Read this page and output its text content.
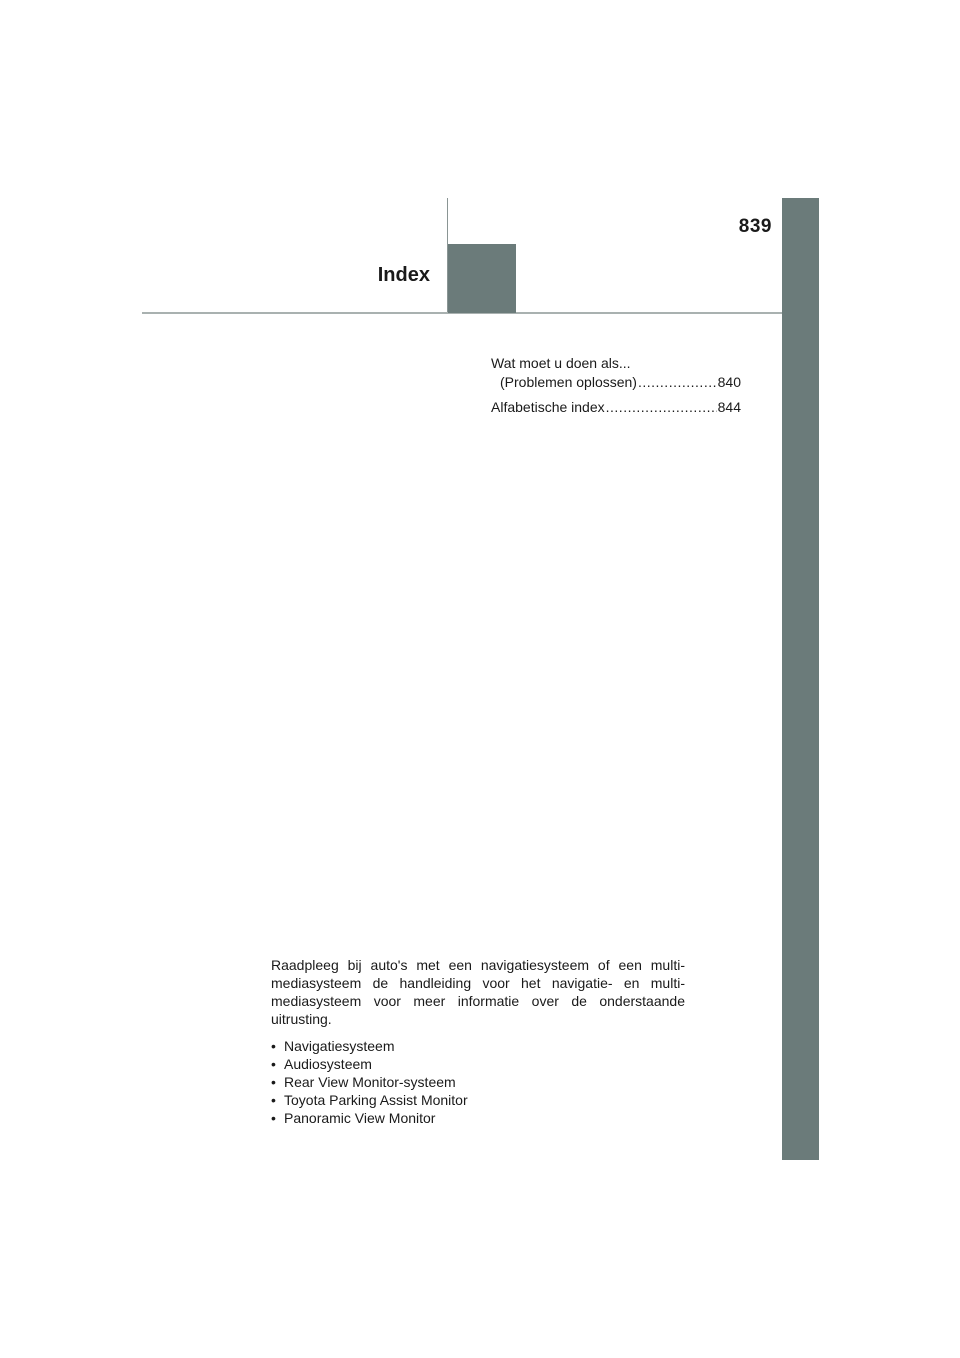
839
Index
Wat moet u doen als...
(Problemen oplossen) .....	840
Alfabetische index .....	844

Raadpleeg bij auto's met een navigatiesysteem of een multi-mediasysteem de handleiding voor het navigatie- en multi-mediasysteem voor meer informatie over de onderstaande uitrusting.

• Navigatiesysteem
• Audiosysteem
• Rear View Monitor-systeem
• Toyota Parking Assist Monitor
• Panoramic View Monitor
